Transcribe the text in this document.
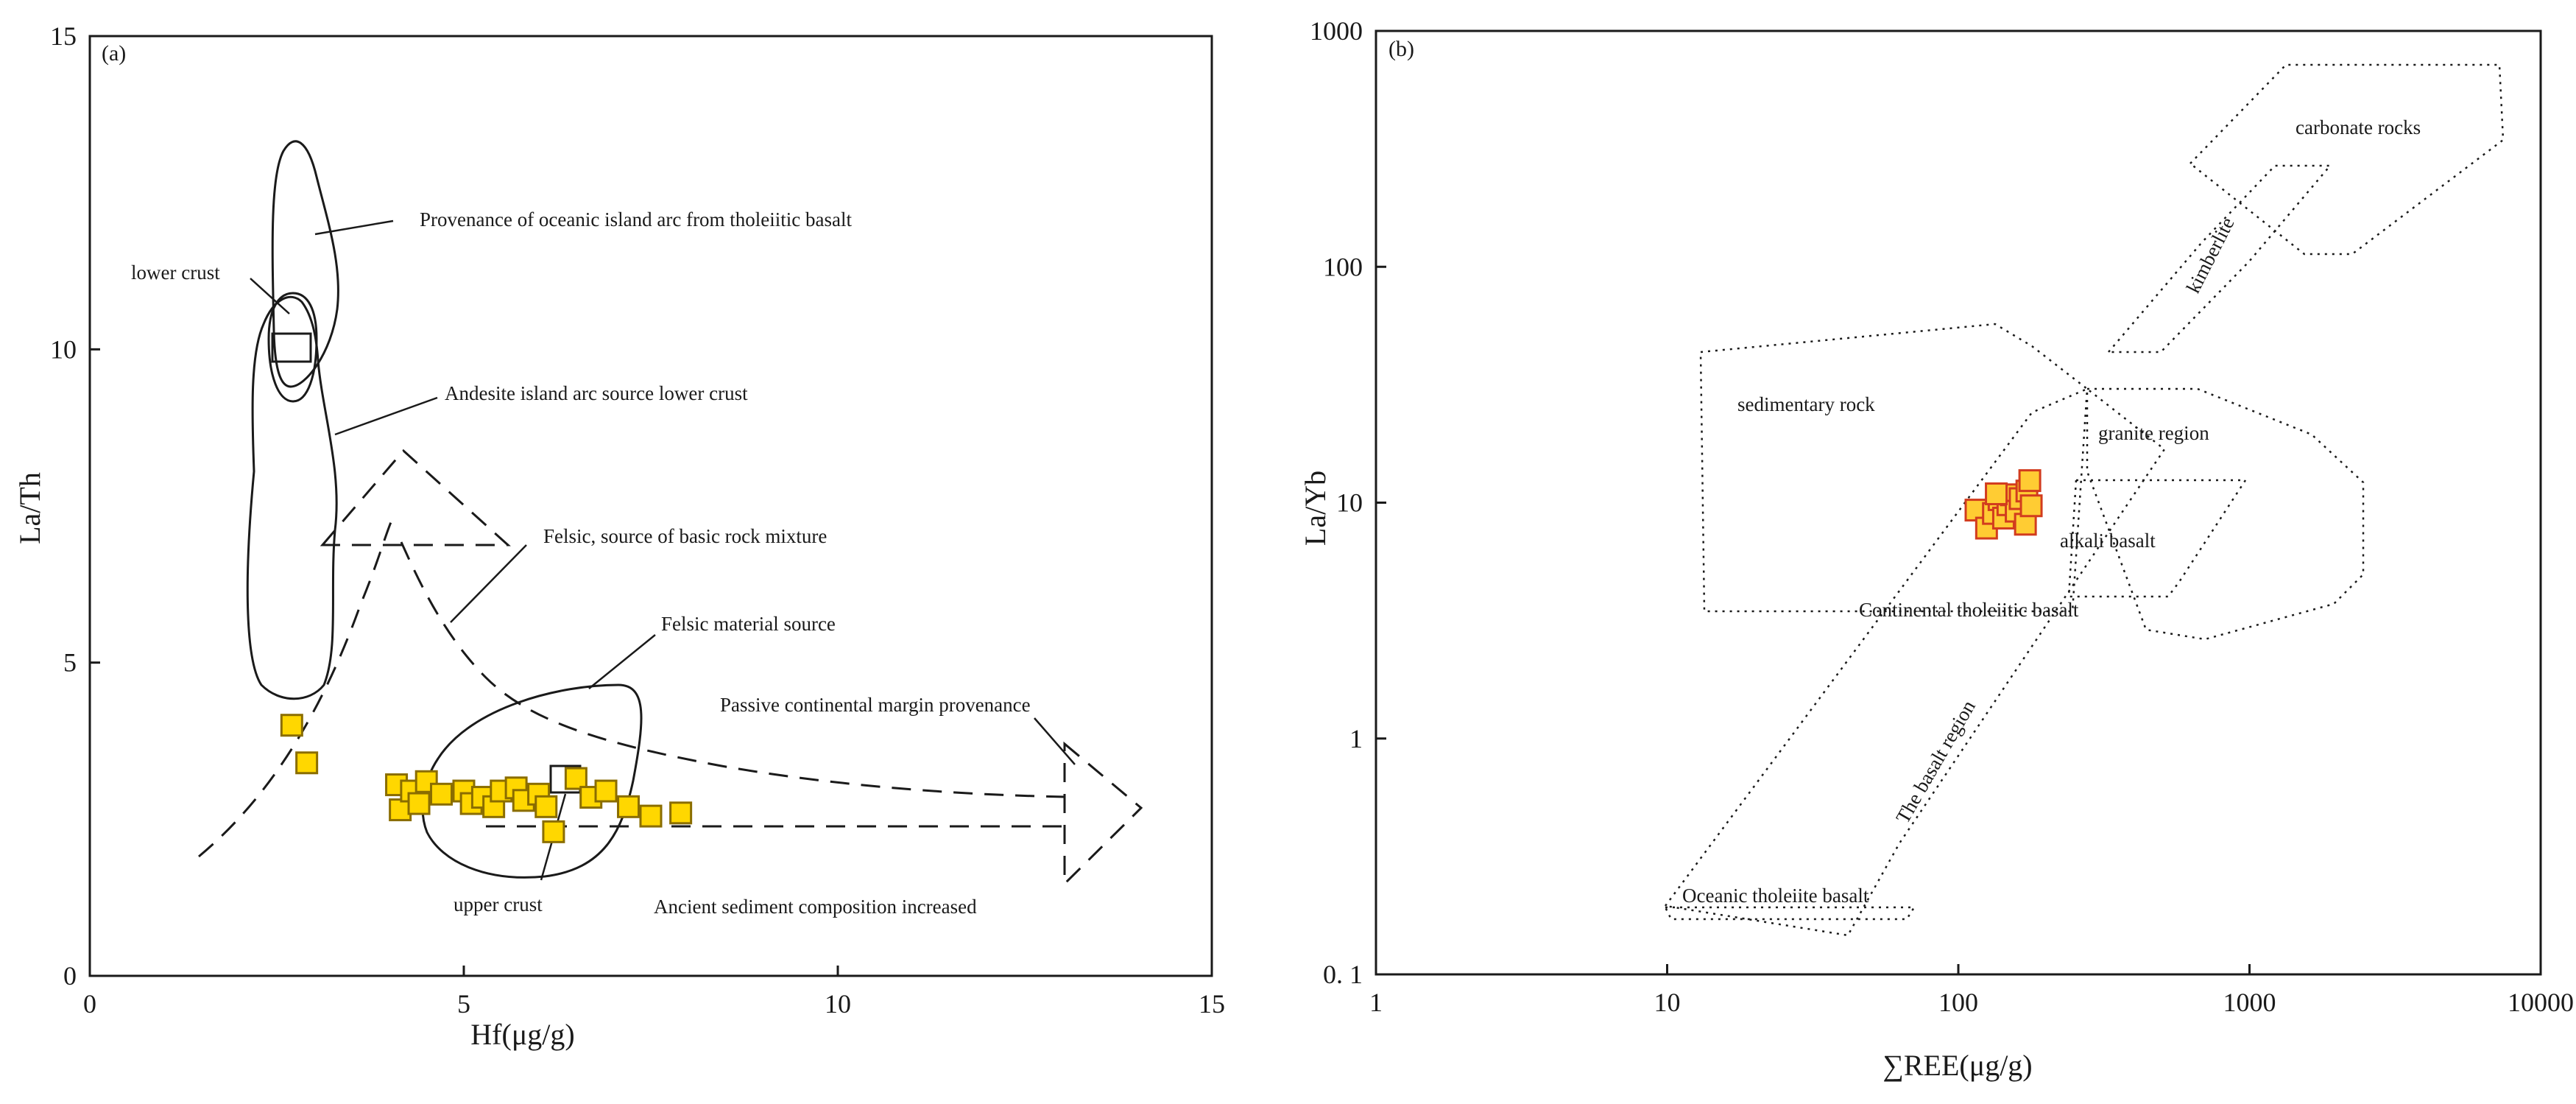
(a)
Provenance of oceanic island arc from tholeiitic basalt
lower crust
Andesite island arc source lower crust
Felsic, source of basic rock mixture
Felsic material source
Passive continental margin provenance
upper crust	Ancient sediment composition increased
Hf(μg/g)
La/Th
0	5	10	15
0
5
10
15	(b)
carbonate rocks
kimberlite
sedimentary rock
granite region
alkali basalt
Continental tholeiitic basalt
The basalt region
Oceanic tholeiite basalt
∑REE(μg/g)
La/Yb
1	10	100	1000	10000
0. 1
1
10
100
1000
